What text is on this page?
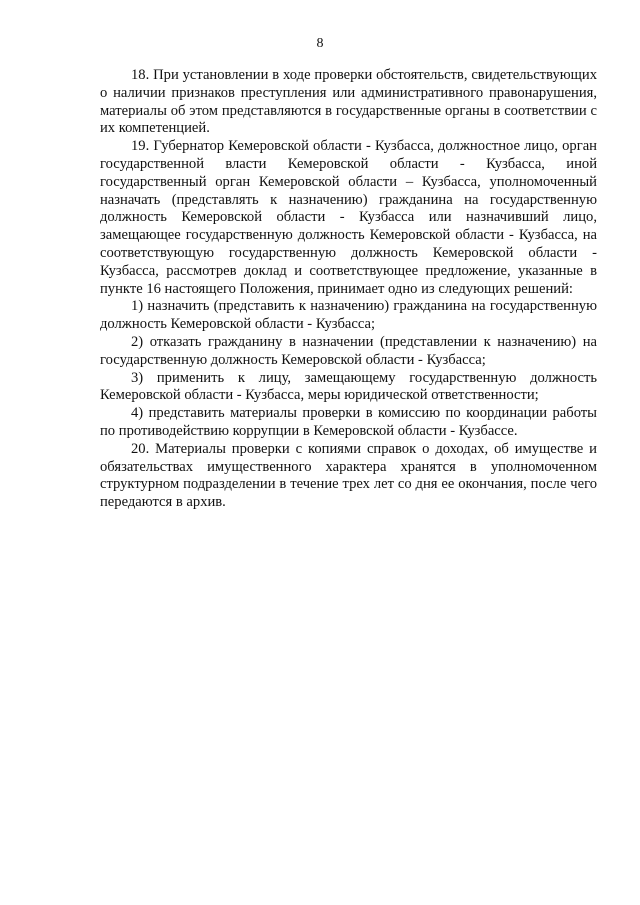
8

18. При установлении в ходе проверки обстоятельств, свидетельствующих о наличии признаков преступления или административного правонарушения, материалы об этом представляются в государственные органы в соответствии с их компетенцией.

19. Губернатор Кемеровской области - Кузбасса, должностное лицо, орган государственной власти Кемеровской области - Кузбасса, иной государственный орган Кемеровской области – Кузбасса, уполномоченный назначать (представлять к назначению) гражданина на государственную должность Кемеровской области - Кузбасса или назначивший лицо, замещающее государственную должность Кемеровской области - Кузбасса, на соответствующую государственную должность Кемеровской области - Кузбасса, рассмотрев доклад и соответствующее предложение, указанные в пункте 16 настоящего Положения, принимает одно из следующих решений:

1) назначить (представить к назначению) гражданина на государственную должность Кемеровской области - Кузбасса;

2) отказать гражданину в назначении (представлении к назначению) на государственную должность Кемеровской области - Кузбасса;

3) применить к лицу, замещающему государственную должность Кемеровской области - Кузбасса, меры юридической ответственности;

4) представить материалы проверки в комиссию по координации работы по противодействию коррупции в Кемеровской области - Кузбассе.

20. Материалы проверки с копиями справок о доходах, об имуществе и обязательствах имущественного характера хранятся в уполномоченном структурном подразделении в течение трех лет со дня ее окончания, после чего передаются в архив.
